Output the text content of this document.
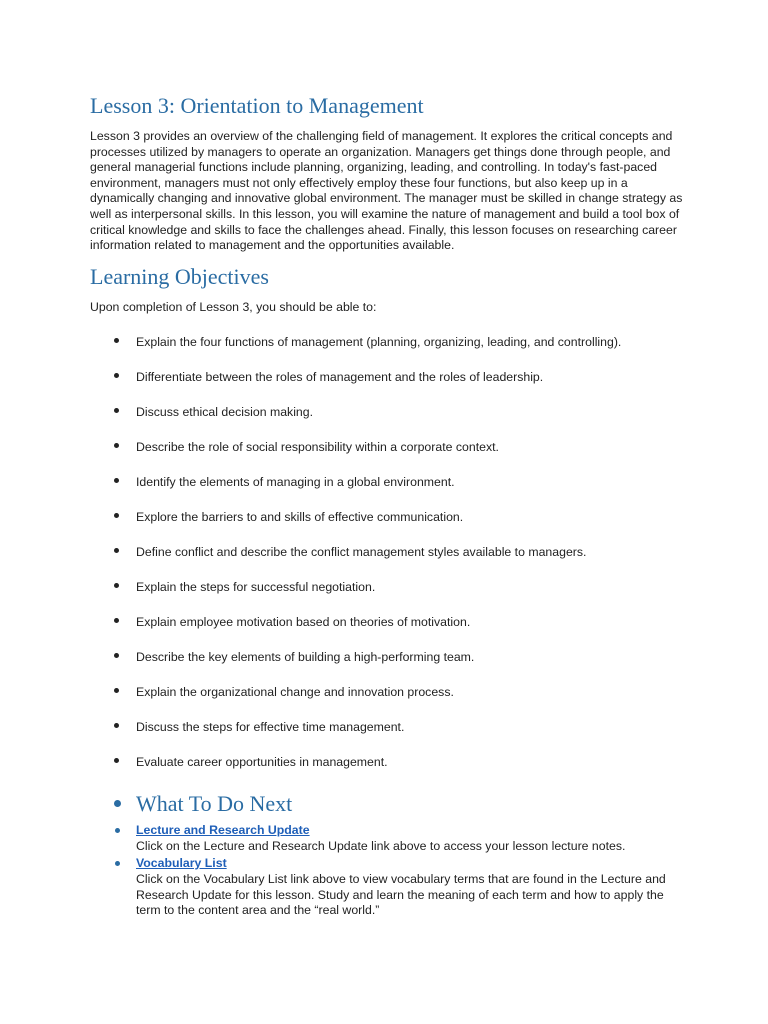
Lesson 3: Orientation to Management
Lesson 3 provides an overview of the challenging field of management. It explores the critical concepts and processes utilized by managers to operate an organization. Managers get things done through people, and general managerial functions include planning, organizing, leading, and controlling. In today's fast-paced environment, managers must not only effectively employ these four functions, but also keep up in a dynamically changing and innovative global environment. The manager must be skilled in change strategy as well as interpersonal skills. In this lesson, you will examine the nature of management and build a tool box of critical knowledge and skills to face the challenges ahead. Finally, this lesson focuses on researching career information related to management and the opportunities available.
Learning Objectives
Upon completion of Lesson 3, you should be able to:
Explain the four functions of management (planning, organizing, leading, and controlling).
Differentiate between the roles of management and the roles of leadership.
Discuss ethical decision making.
Describe the role of social responsibility within a corporate context.
Identify the elements of managing in a global environment.
Explore the barriers to and skills of effective communication.
Define conflict and describe the conflict management styles available to managers.
Explain the steps for successful negotiation.
Explain employee motivation based on theories of motivation.
Describe the key elements of building a high-performing team.
Explain the organizational change and innovation process.
Discuss the steps for effective time management.
Evaluate career opportunities in management.
What To Do Next
Lecture and Research Update
Click on the Lecture and Research Update link above to access your lesson lecture notes.
Vocabulary List
Click on the Vocabulary List link above to view vocabulary terms that are found in the Lecture and Research Update for this lesson. Study and learn the meaning of each term and how to apply the term to the content area and the “real world.”
